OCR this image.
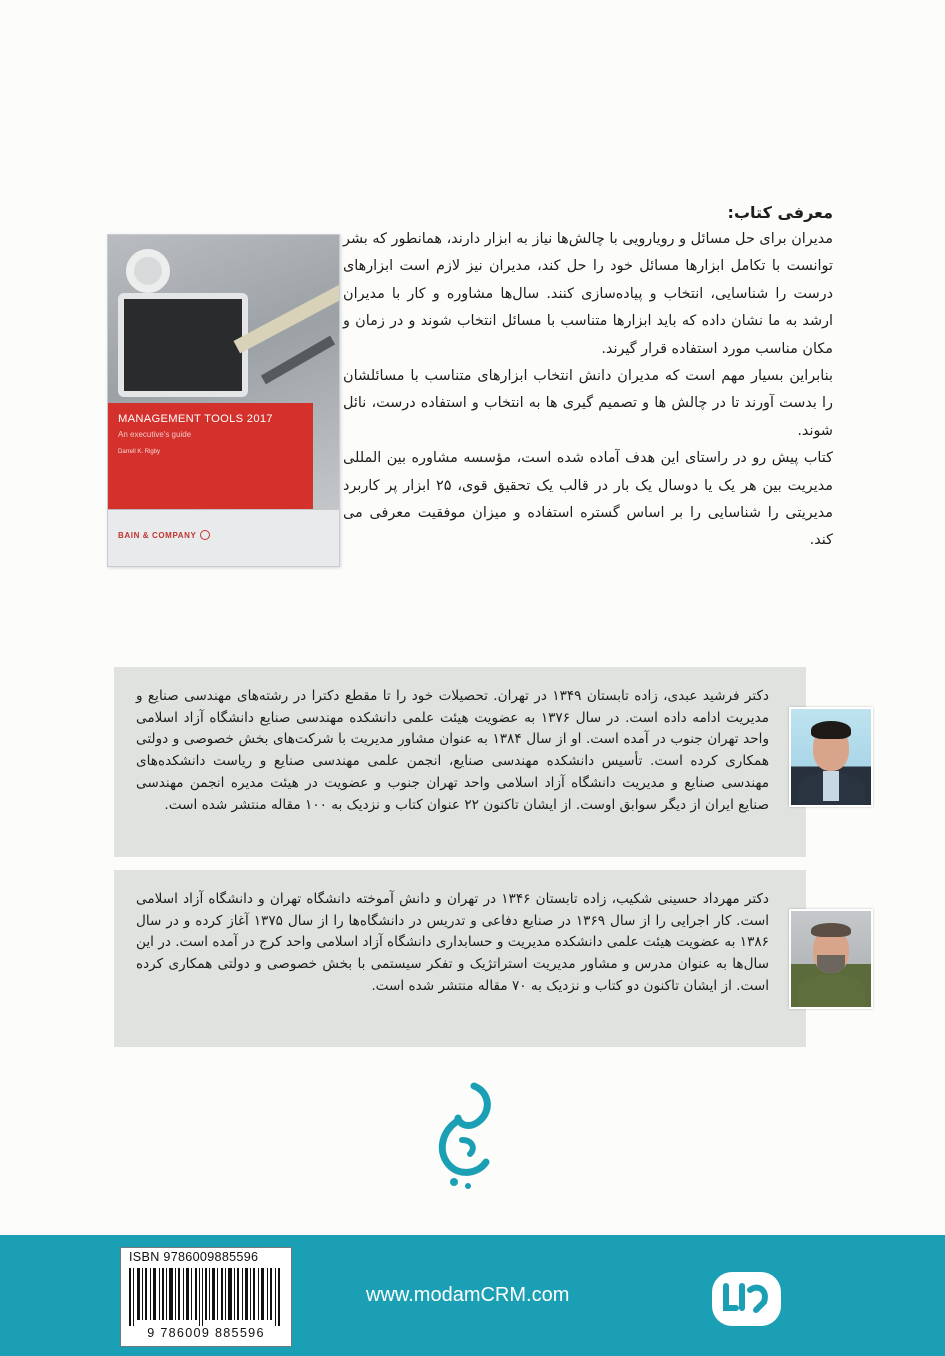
معرفی کتاب:

مدیران برای حل مسائل و رویارویی با چالش‌ها نیاز به ابزار دارند، همانطور که بشر توانست با تکامل ابزارها مسائل خود را حل کند، مدیران نیز لازم است ابزارهای درست را شناسایی، انتخاب و پیاده‌سازی کنند. سال‌ها مشاوره و کار با مدیران ارشد به ما نشان داده که باید ابزارها متناسب با مسائل انتخاب شوند و در زمان و مکان مناسب مورد استفاده قرار گیرند.

بنابراین بسیار مهم است که مدیران دانش انتخاب ابزارهای متناسب با مسائلشان را بدست آورند تا در چالش ها و تصمیم گیری ها به انتخاب و استفاده درست، نائل شوند.

کتاب پیش رو در راستای این هدف آماده شده است، مؤسسه مشاوره بین المللی مدیریت بین هر یک یا دوسال یک بار در قالب یک تحقیق قوی، ۲۵ ابزار پر کاربرد مدیریتی را شناسایی را بر اساس گستره استفاده و میزان موفقیت معرفی می کند.

MANAGEMENT TOOLS 2017
An executive's guide
Darrell K. Rigby
BAIN & COMPANY

دکتر فرشید عبدی، زاده تابستان ۱۳۴۹ در تهران. تحصیلات خود را تا مقطع دکترا در رشته‌های مهندسی صنایع و مدیریت ادامه داده است. در سال ۱۳۷۶ به عضویت هیئت علمی دانشکده مهندسی صنایع دانشگاه آزاد اسلامی واحد تهران جنوب در آمده است. او از سال ۱۳۸۴ به عنوان مشاور مدیریت با شرکت‌های بخش خصوصی و دولتی همکاری کرده است. تأسیس دانشکده مهندسی صنایع، انجمن علمی مهندسی صنایع و ریاست دانشکده‌های مهندسی صنایع و مدیریت دانشگاه آزاد اسلامی واحد تهران جنوب و عضویت در هیئت مدیره انجمن مهندسی صنایع ایران از دیگر سوابق اوست. از ایشان تاکنون ۲۲ عنوان کتاب و نزدیک به ۱۰۰ مقاله منتشر شده است.

دکتر مهرداد حسینی شکیب، زاده تابستان ۱۳۴۶ در تهران و دانش آموخته دانشگاه تهران و دانشگاه آزاد اسلامی است. کار اجرایی را از سال ۱۳۶۹ در صنایع دفاعی و تدریس در دانشگاه‌ها را از سال ۱۳۷۵ آغاز کرده و در سال ۱۳۸۶ به عضویت هیئت علمی دانشکده مدیریت و حسابداری دانشگاه آزاد اسلامی واحد کرج در آمده است. در این سال‌ها به عنوان مدرس و مشاور مدیریت استراتژیک و تفکر سیستمی با بخش خصوصی و دولتی همکاری کرده است. از ایشان تاکنون دو کتاب و نزدیک به ۷۰ مقاله منتشر شده است.

ISBN 9786009885596
9 786009 885596
www.modamCRM.com
